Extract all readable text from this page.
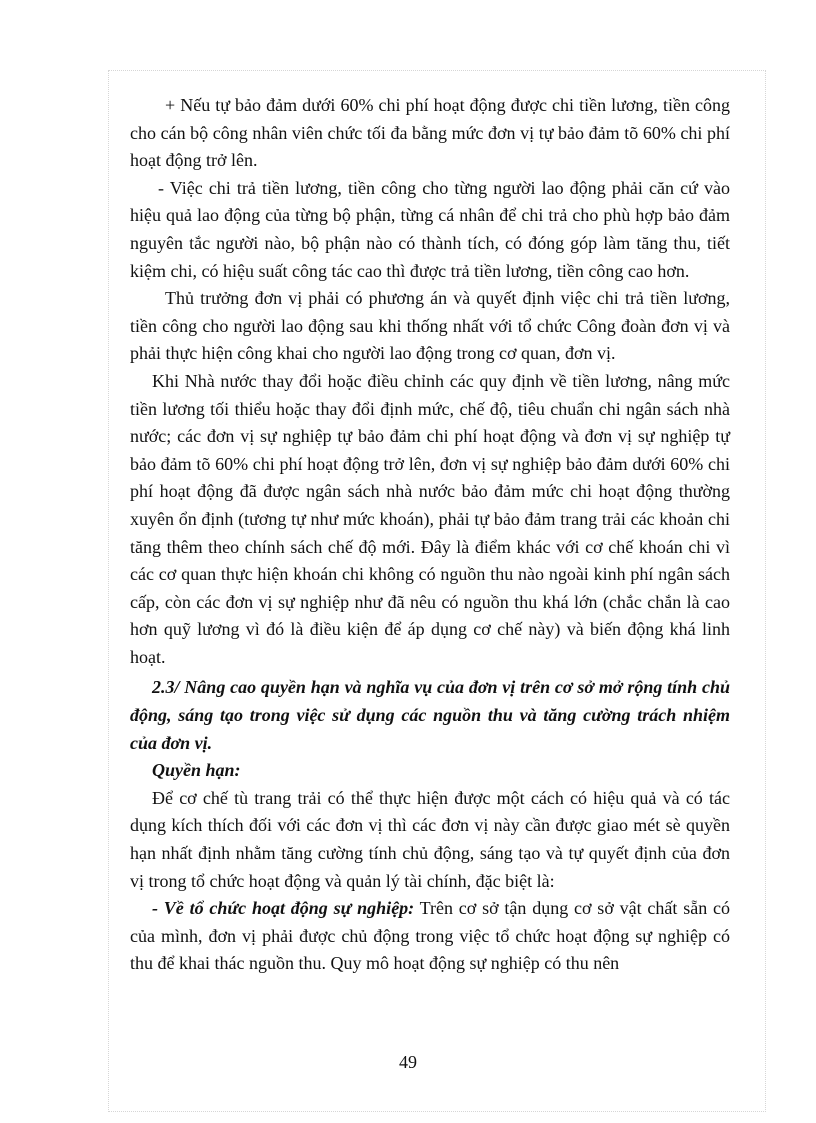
+ Nếu tự bảo đảm dưới 60% chi phí hoạt động được chi tiền lương, tiền công cho cán bộ công nhân viên chức tối đa bằng mức đơn vị tự bảo đảm tõ 60% chi phí hoạt động trở lên.

- Việc chi trả tiền lương, tiền công cho từng người lao động phải căn cứ vào hiệu quả lao động của từng bộ phận, từng cá nhân để chi trả cho phù hợp bảo đảm nguyên tắc người nào, bộ phận nào có thành tích, có đóng góp làm tăng thu, tiết kiệm chi, có hiệu suất công tác cao thì được trả tiền lương, tiền công cao hơn.

Thủ trưởng đơn vị phải có phương án và quyết định việc chi trả tiền lương, tiền công cho người lao động sau khi thống nhất với tổ chức Công đoàn đơn vị và phải thực hiện công khai cho người lao động trong cơ quan, đơn vị.

Khi Nhà nước thay đổi hoặc điều chỉnh các quy định về tiền lương, nâng mức tiền lương tối thiểu hoặc thay đổi định mức, chế độ, tiêu chuẩn chi ngân sách nhà nước; các đơn vị sự nghiệp tự bảo đảm chi phí hoạt động và đơn vị sự nghiệp tự bảo đảm tõ 60% chi phí hoạt động trở lên, đơn vị sự nghiệp bảo đảm dưới 60% chi phí hoạt động đã được ngân sách nhà nước bảo đảm mức chi hoạt động thường xuyên ổn định (tương tự như mức khoán), phải tự bảo đảm trang trải các khoản chi tăng thêm theo chính sách chế độ mới. Đây là điểm khác với cơ chế khoán chi vì các cơ quan thực hiện khoán chi không có nguồn thu nào ngoài kinh phí ngân sách cấp, còn các đơn vị sự nghiệp như đã nêu có nguồn thu khá lớn (chắc chắn là cao hơn quỹ lương vì đó là điều kiện để áp dụng cơ chế này) và biến động khá linh hoạt.

2.3/ Nâng cao quyền hạn và nghĩa vụ của đơn vị trên cơ sở mở rộng tính chủ động, sáng tạo trong việc sử dụng các nguồn thu và tăng cường trách nhiệm của đơn vị.

Quyền hạn:

Để cơ chế tù trang trải có thể thực hiện được một cách có hiệu quả và có tác dụng kích thích đối với các đơn vị thì các đơn vị này cần được giao mét sè quyền hạn nhất định nhằm tăng cường tính chủ động, sáng tạo và tự quyết định của đơn vị trong tổ chức hoạt động và quản lý tài chính, đặc biệt là:

- Về tổ chức hoạt động sự nghiệp: Trên cơ sở tận dụng cơ sở vật chất sẵn có của mình, đơn vị phải được chủ động trong việc tổ chức hoạt động sự nghiệp có thu để khai thác nguồn thu. Quy mô hoạt động sự nghiệp có thu nên

49
